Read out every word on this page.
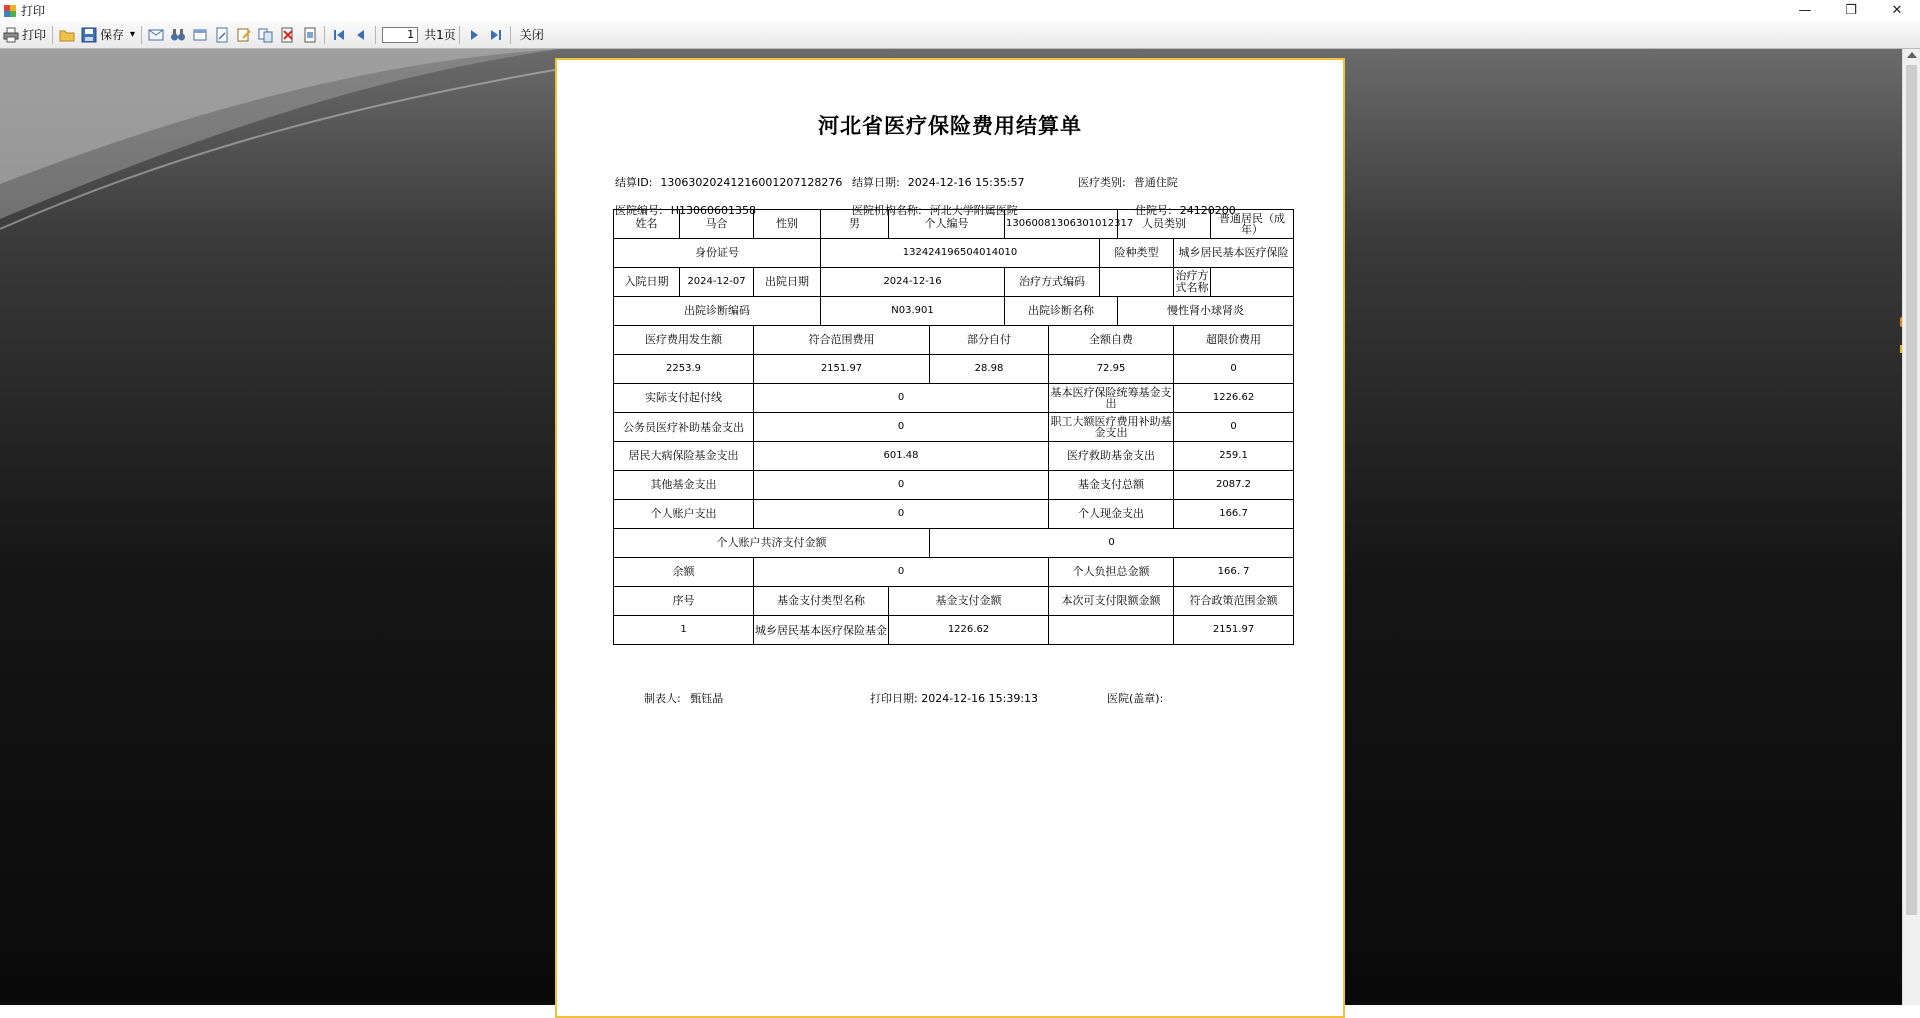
打印	—	❐	✕
打印	保存 ▾
1	共1页	关闭
河北省医疗保险费用结算单
结算ID: 130630202412160012071282​76 结算日期: 2024-12-16 15:35:57	医疗类别: 普通住院
医院编号: H13060601358	医院机构名称: 河北大学附属医院	住院号: 24120200
姓名	马合	性别	男	个人编号		13060081306301012317			人员类别		普通居民（成年）
身份证号			132424196504014010					险种类型		城乡居民基本医疗保险	
入院日期	2024-12-07	出院日期	2024-12-16			治疗方式编码				治疗方式名称	
出院诊断编码			N03.901			出院诊断名称			慢性肾小球肾炎		
医疗费用发生额		符合范围费用			部分自付		全额自费			超限价费用	
2253.9		2151.97			28.98		72.95			0	
实际支付起付线		0					基本医疗保险统筹基金支出			1226.62	
公务员医疗补助基金支出		0					职工大额医疗费用补助基金支出			0	
居民大病保险基金支出		601.48					医疗救助基金支出			259.1	
其他基金支出		0					基金支付总额			2087.2	
个人账户支出		0					个人现金支出			166.7	
个人账户共济支付金额					0						
余额		0					个人负担总金额			166. 7	
序号		基金支付类型名称		基金支付金额			本次可支付限额金额			符合政策范围金额	
1		城乡居民基本医疗保险基金		1226.62						2151.97	
制表人: 甄钰晶	打印日期: 2024-12-16 15:39:13	医院(盖章):
